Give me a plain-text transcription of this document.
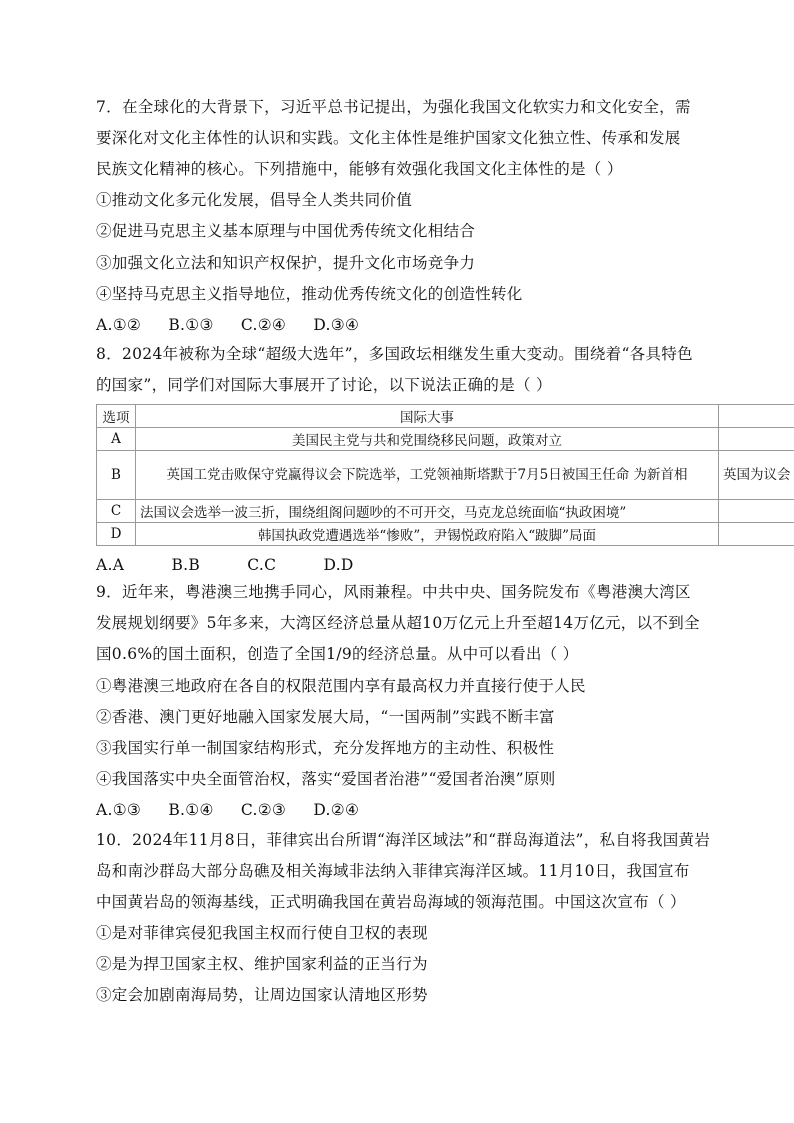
7．在全球化的大背景下，习近平总书记提出，为强化我国文化软实力和文化安全，需
要深化对文化主体性的认识和实践。文化主体性是维护国家文化独立性、传承和发展
民族文化精神的核心。下列措施中，能够有效强化我国文化主体性的是（ ）
①推动文化多元化发展，倡导全人类共同价值
②促进马克思主义基本原理与中国优秀传统文化相结合
③加强文化立法和知识产权保护，提升文化市场竞争力
④坚持马克思主义指导地位，推动优秀传统文化的创造性转化
A.①② B.①③ C.②④ D.③④
8．2024年被称为全球“超级大选年”，多国政坛相继发生重大变动。围绕着“各具特色
的国家”，同学们对国际大事展开了讨论，以下说法正确的是（ ）
选项	国际大事	
A	美国民主党与共和党围绕移民问题，政策对立	
B	英国工党击败保守党赢得议会下院选举，工党领袖斯塔默于7月5日被国王任命 为新首相	英国为议会
C	法国议会选举一波三折，围绕组阁问题吵的不可开交，马克龙总统面临“执政困境”	
D	韩国执政党遭遇选举“惨败”，尹锡悦政府陷入“跛脚”局面	
A.A	B.B	C.C	D.D
9．近年来，粤港澳三地携手同心，风雨兼程。中共中央、国务院发布《粤港澳大湾区
发展规划纲要》5年多来，大湾区经济总量从超10万亿元上升至超14万亿元，以不到全
国0.6%的国土面积，创造了全国1/9的经济总量。从中可以看出（ ）
①粤港澳三地政府在各自的权限范围内享有最高权力并直接行使于人民
②香港、澳门更好地融入国家发展大局，“一国两制”实践不断丰富
③我国实行单一制国家结构形式，充分发挥地方的主动性、积极性
④我国落实中央全面管治权，落实“爱国者治港”“爱国者治澳”原则
A.①③ B.①④ C.②③ D.②④
10．2024年11月8日，菲律宾出台所谓“海洋区域法”和“群岛海道法”，私自将我国黄岩
岛和南沙群岛大部分岛礁及相关海域非法纳入菲律宾海洋区域。11月10日，我国宣布
中国黄岩岛的领海基线，正式明确我国在黄岩岛海域的领海范围。中国这次宣布（ ）
①是对菲律宾侵犯我国主权而行使自卫权的表现
②是为捍卫国家主权、维护国家利益的正当行为
③定会加剧南海局势，让周边国家认清地区形势
